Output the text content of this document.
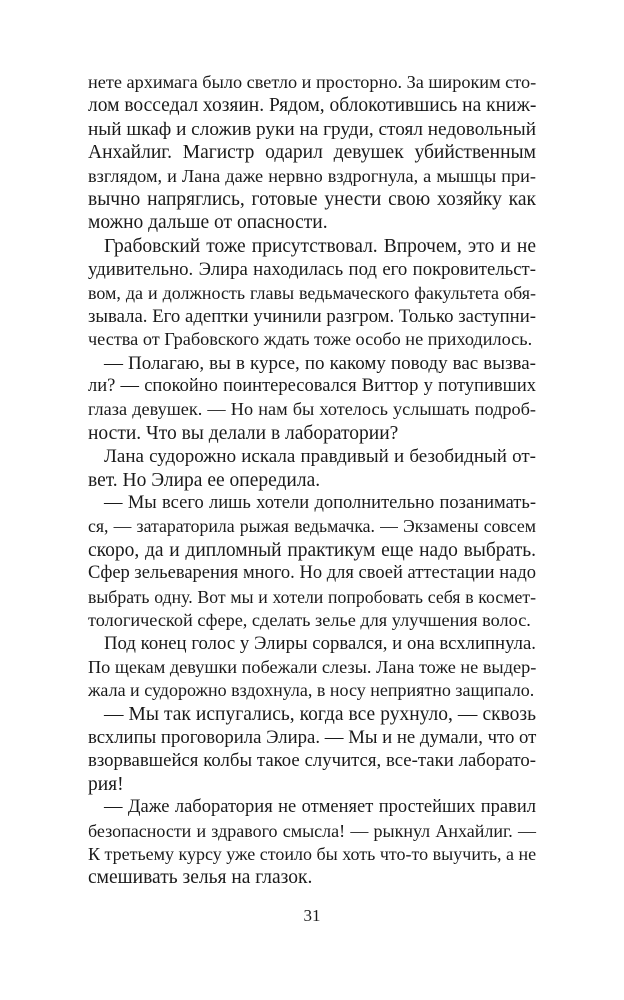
нете архимага было светло и просторно. За широким сто-
лом восседал хозяин. Рядом, облокотившись на книж-
ный шкаф и сложив руки на груди, стоял недовольный
Анхайлиг. Магистр одарил девушек убийственным
взглядом, и Лана даже нервно вздрогнула, а мышцы при-
вычно напряглись, готовые унести свою хозяйку как
можно дальше от опасности.
Грабовский тоже присутствовал. Впрочем, это и не
удивительно. Элира находилась под его покровительст-
вом, да и должность главы ведьмаческого факультета обя-
зывала. Его адептки учинили разгром. Только заступни-
чества от Грабовского ждать тоже особо не приходилось.
— Полагаю, вы в курсе, по какому поводу вас вызва-
ли? — спокойно поинтересовался Виттор у потупивших
глаза девушек. — Но нам бы хотелось услышать подроб-
ности. Что вы делали в лаборатории?
Лана судорожно искала правдивый и безобидный от-
вет. Но Элира ее опередила.
— Мы всего лишь хотели дополнительно позанимать-
ся, — затараторила рыжая ведьмачка. — Экзамены совсем
скоро, да и дипломный практикум еще надо выбрать.
Сфер зельеварения много. Но для своей аттестации надо
выбрать одну. Вот мы и хотели попробовать себя в космет-
тологической сфере, сделать зелье для улучшения волос.
Под конец голос у Элиры сорвался, и она всхлипнула.
По щекам девушки побежали слезы. Лана тоже не выдер-
жала и судорожно вздохнула, в носу неприятно защипало.
— Мы так испугались, когда все рухнуло, — сквозь
всхлипы проговорила Элира. — Мы и не думали, что от
взорвавшейся колбы такое случится, все-таки лаборато-
рия!
— Даже лаборатория не отменяет простейших правил
безопасности и здравого смысла! — рыкнул Анхайлиг. —
К третьему курсу уже стоило бы хоть что-то выучить, а не
смешивать зелья на глазок.
31
